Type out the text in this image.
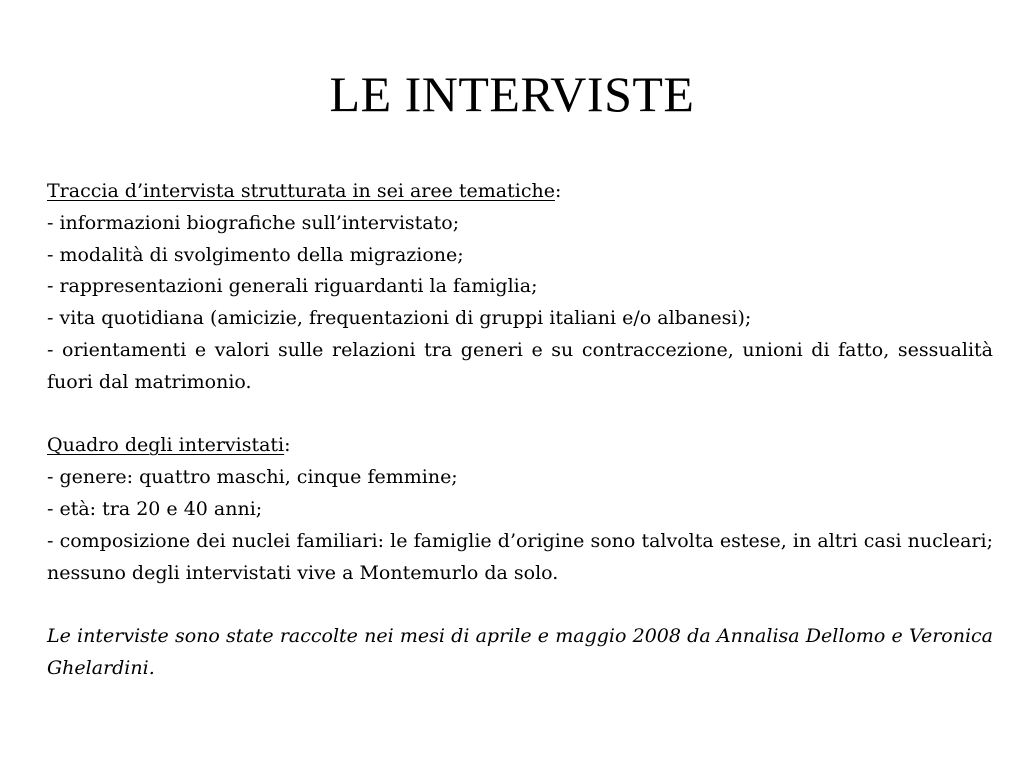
LE INTERVISTE
Traccia d’intervista strutturata in sei aree tematiche:
- informazioni biografiche sull’intervistato;
- modalità di svolgimento della migrazione;
- rappresentazioni generali riguardanti la famiglia;
- vita quotidiana (amicizie, frequentazioni di gruppi italiani e/o albanesi);
- orientamenti e valori sulle relazioni tra generi e su contraccezione, unioni di fatto, sessualità fuori dal matrimonio.
Quadro degli intervistati:
- genere: quattro maschi, cinque femmine;
- età: tra 20 e 40 anni;
- composizione dei nuclei familiari: le famiglie d’origine sono talvolta estese, in altri casi nucleari; nessuno degli intervistati vive a Montemurlo da solo.
Le interviste sono state raccolte nei mesi di aprile e maggio 2008 da Annalisa Dellomo e Veronica Ghelardini.
